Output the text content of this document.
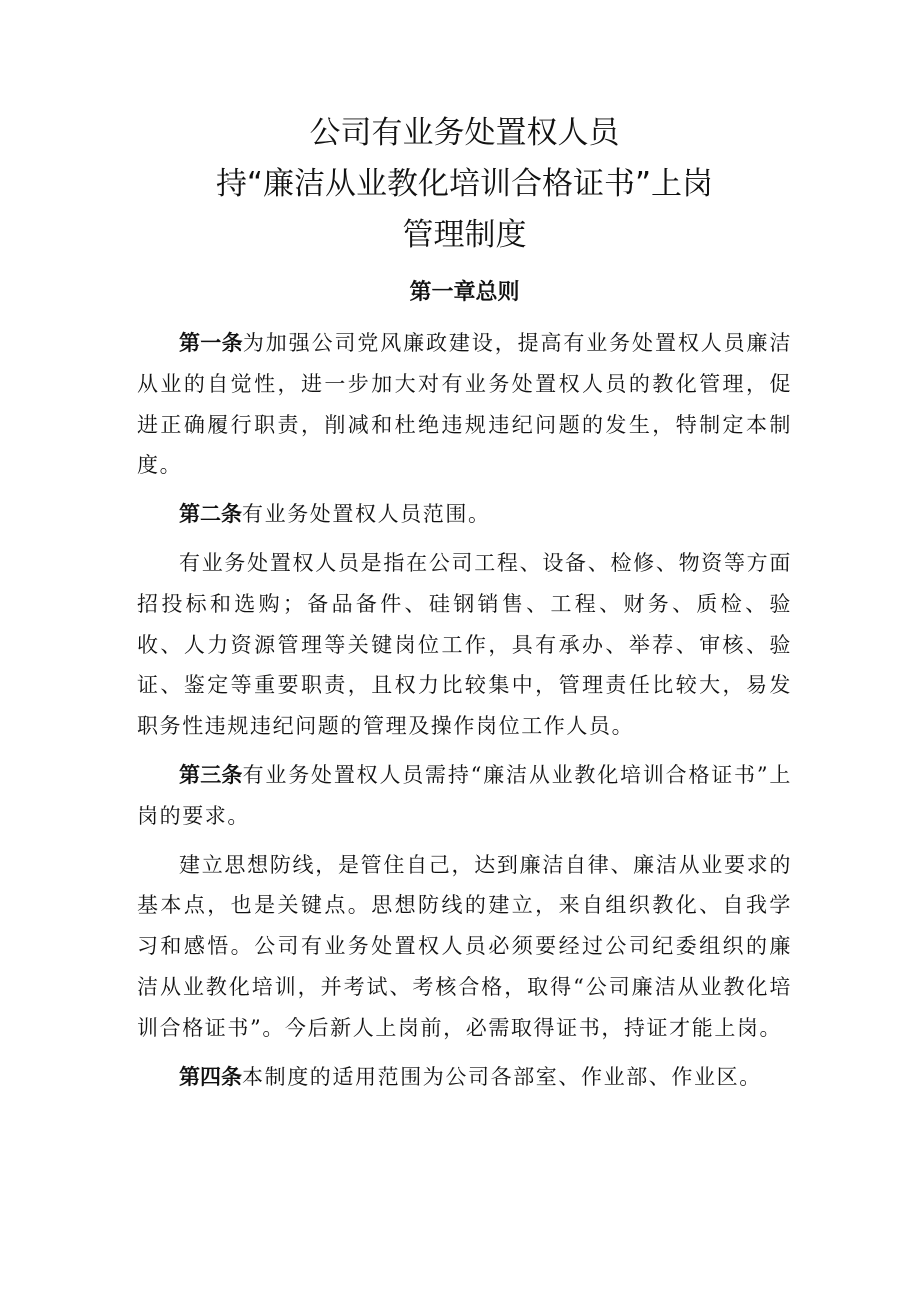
公司有业务处置权人员
持“廉洁从业教化培训合格证书”上岗
管理制度
第一章总则

第一条为加强公司党风廉政建设，提高有业务处置权人员廉洁从业的自觉性，进一步加大对有业务处置权人员的教化管理，促进正确履行职责，削减和杜绝违规违纪问题的发生，特制定本制度。

第二条有业务处置权人员范围。

有业务处置权人员是指在公司工程、设备、检修、物资等方面招投标和选购；备品备件、硅钢销售、工程、财务、质检、验收、人力资源管理等关键岗位工作，具有承办、举荐、审核、验证、鉴定等重要职责，且权力比较集中，管理责任比较大，易发职务性违规违纪问题的管理及操作岗位工作人员。

第三条有业务处置权人员需持“廉洁从业教化培训合格证书”上岗的要求。

建立思想防线，是管住自己，达到廉洁自律、廉洁从业要求的基本点，也是关键点。思想防线的建立，来自组织教化、自我学习和感悟。公司有业务处置权人员必须要经过公司纪委组织的廉洁从业教化培训，并考试、考核合格，取得“公司廉洁从业教化培训合格证书”。今后新人上岗前，必需取得证书，持证才能上岗。

第四条本制度的适用范围为公司各部室、作业部、作业区。
